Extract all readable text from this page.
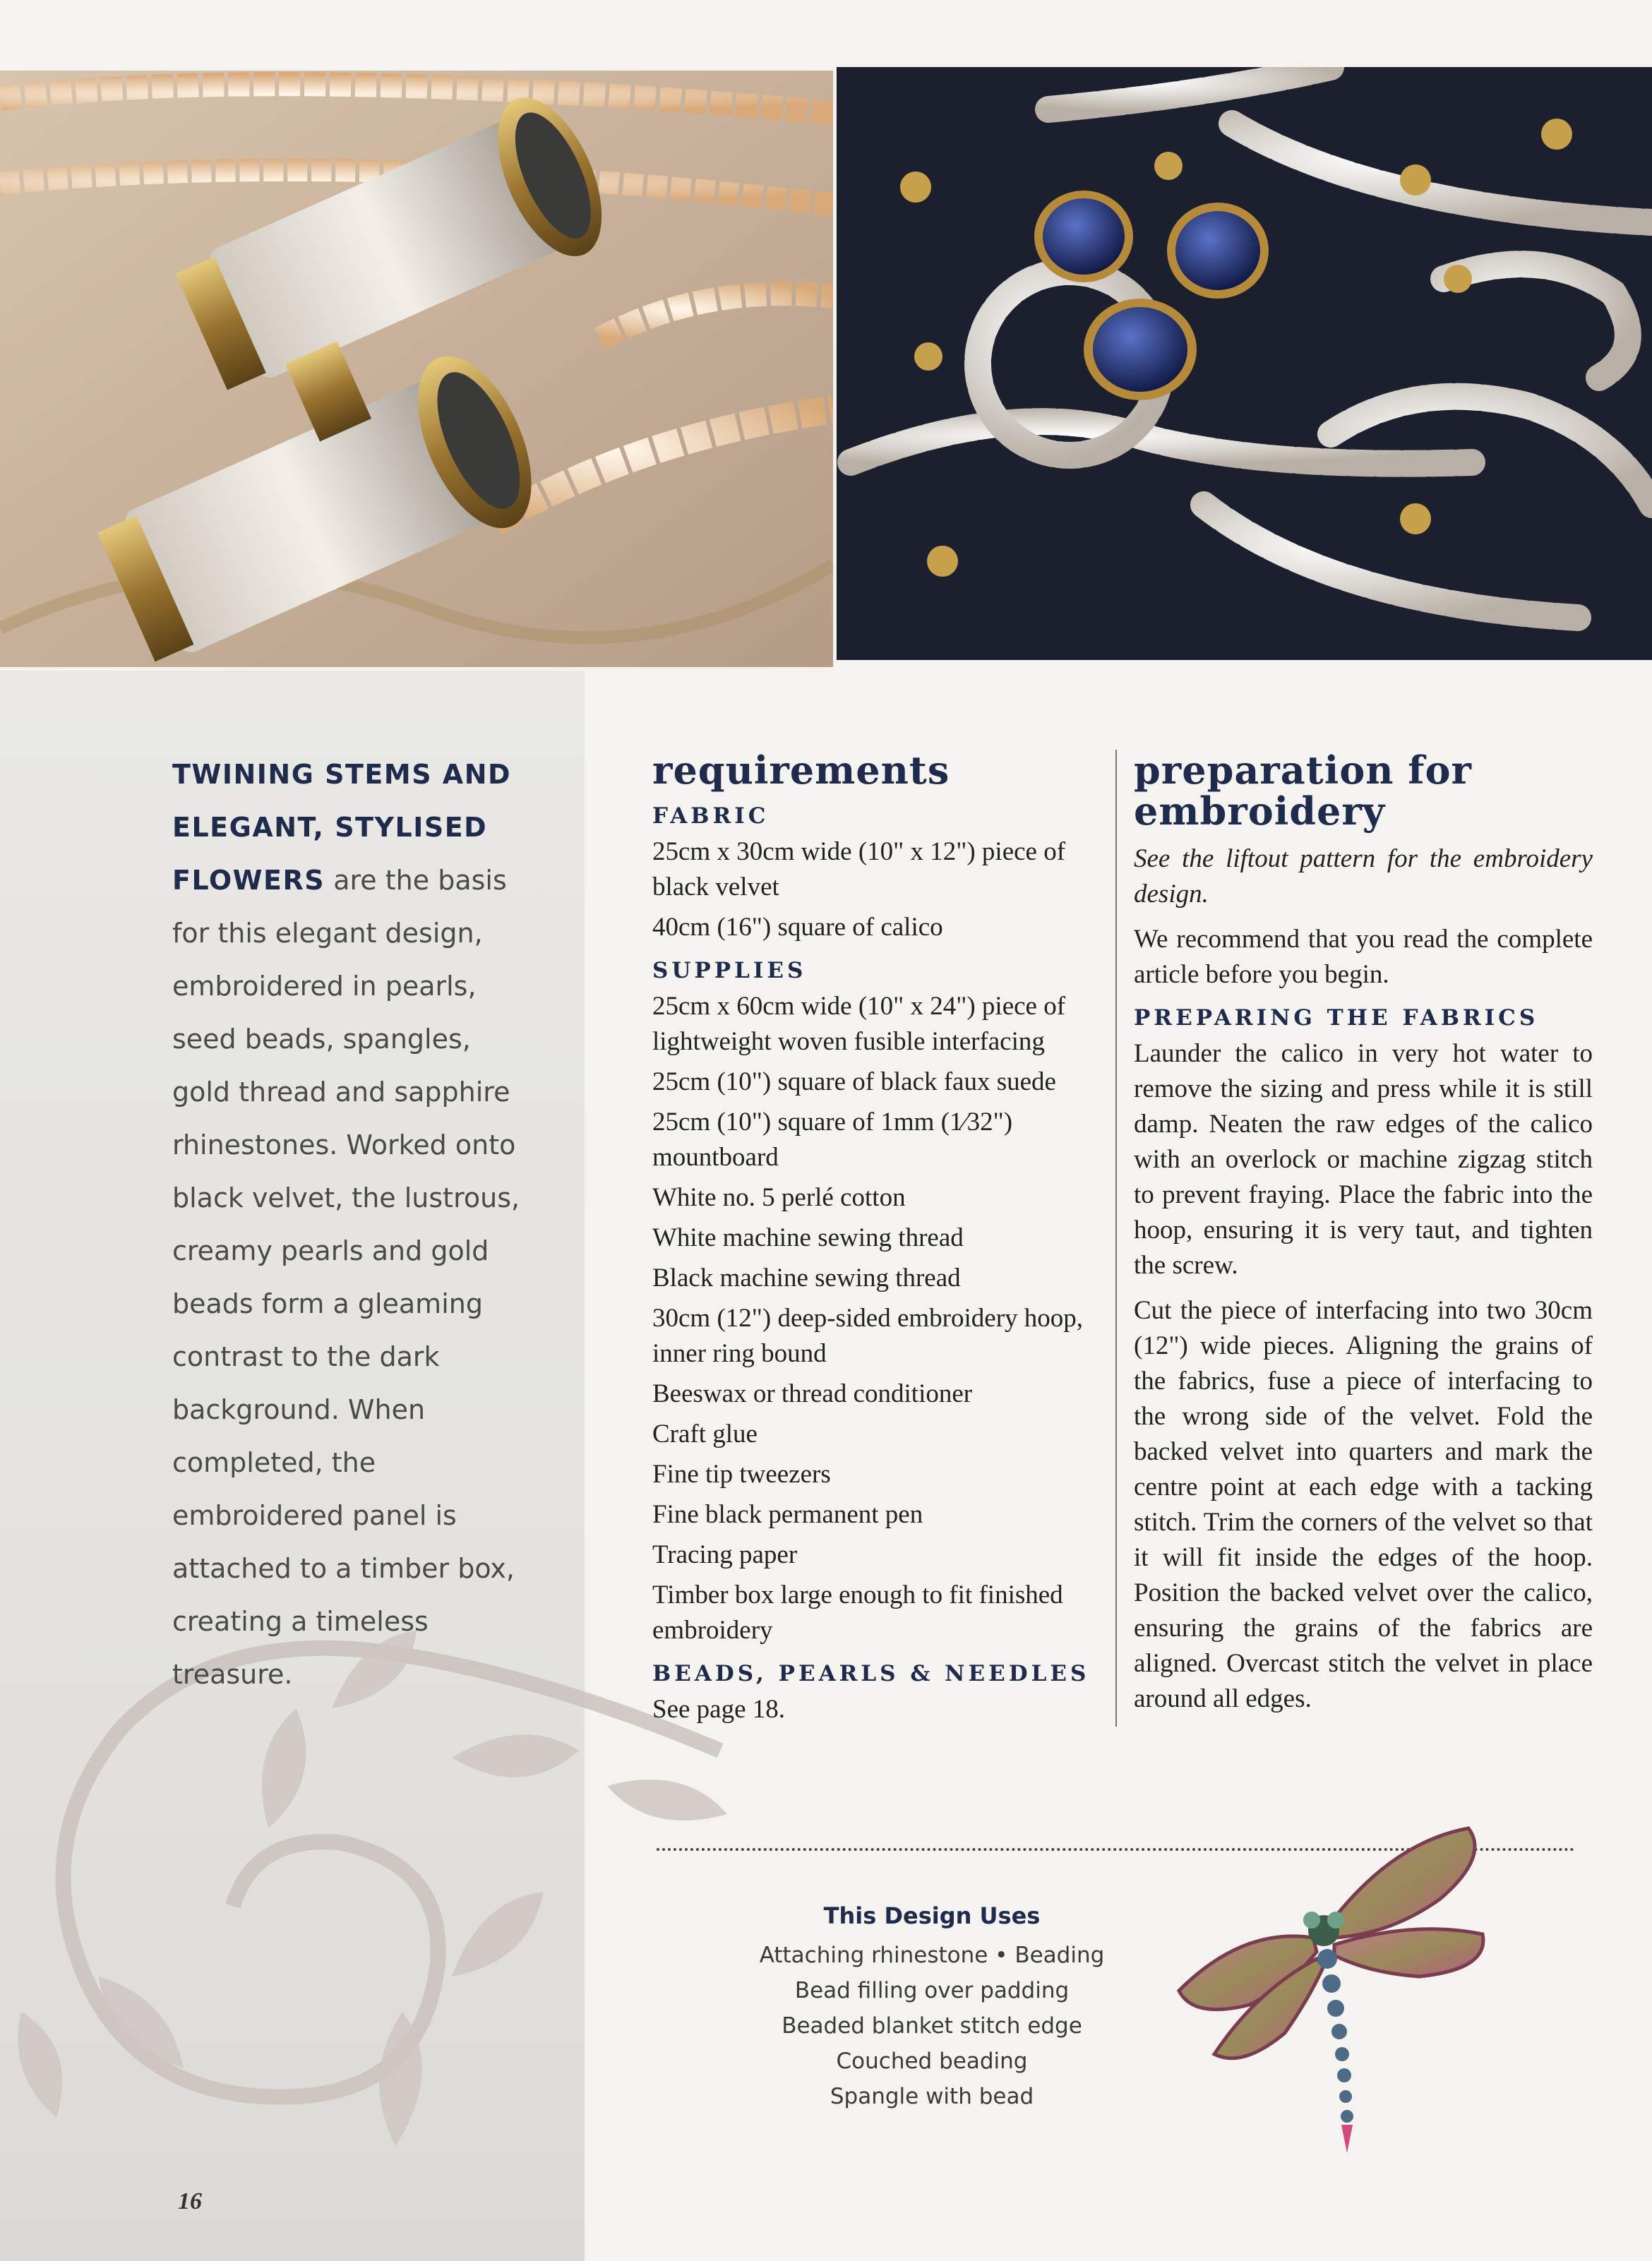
TWINING STEMS AND ELEGANT, STYLISED FLOWERS are the basis for this elegant design, embroidered in pearls, seed beads, spangles, gold thread and sapphire rhinestones. Worked onto black velvet, the lustrous, creamy pearls and gold beads form a gleaming contrast to the dark background. When completed, the embroidered panel is attached to a timber box, creating a timeless treasure.
requirements
FABRIC
25cm x 30cm wide (10" x 12") piece of black velvet
40cm (16") square of calico
SUPPLIES
25cm x 60cm wide (10" x 24") piece of lightweight woven fusible interfacing
25cm (10") square of black faux suede
25cm (10") square of 1mm (1⁄32") mountboard
White no. 5 perlé cotton
White machine sewing thread
Black machine sewing thread
30cm (12") deep-sided embroidery hoop, inner ring bound
Beeswax or thread conditioner
Craft glue
Fine tip tweezers
Fine black permanent pen
Tracing paper
Timber box large enough to fit finished embroidery
BEADS, PEARLS & NEEDLES
See page 18.
preparation for embroidery

See the liftout pattern for the embroidery design.

We recommend that you read the complete article before you begin.

PREPARING THE FABRICS

Launder the calico in very hot water to remove the sizing and press while it is still damp. Neaten the raw edges of the calico with an overlock or machine zigzag stitch to prevent fraying. Place the fabric into the hoop, ensuring it is very taut, and tighten the screw.

Cut the piece of interfacing into two 30cm (12") wide pieces. Aligning the grains of the fabrics, fuse a piece of interfacing to the wrong side of the velvet. Fold the backed velvet into quarters and mark the centre point at each edge with a tacking stitch. Trim the corners of the velvet so that it will fit inside the edges of the hoop. Position the backed velvet over the calico, ensuring the grains of the fabrics are aligned. Overcast stitch the velvet in place around all edges.

This Design Uses
Attaching rhinestone • Beading
Bead filling over padding
Beaded blanket stitch edge
Couched beading
Spangle with bead
16
